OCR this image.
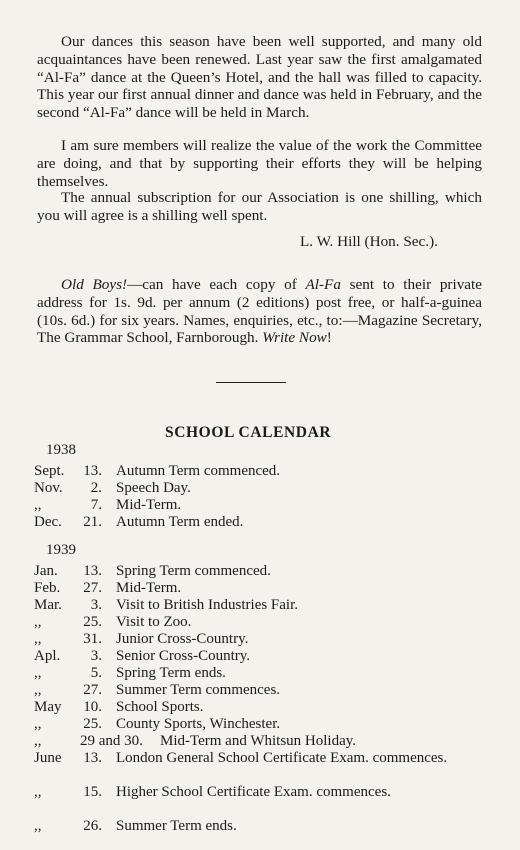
Our dances this season have been well supported, and many old acquaintances have been renewed. Last year saw the first amalgamated “Al-Fa” dance at the Queen’s Hotel, and the hall was filled to capacity. This year our first annual dinner and dance was held in February, and the second “Al-Fa” dance will be held in March.

I am sure members will realize the value of the work the Committee are doing, and that by supporting their efforts they will be helping themselves.

The annual subscription for our Association is one shilling, which you will agree is a shilling well spent.

L. W. Hill (Hon. Sec.).

Old Boys!—can have each copy of Al-Fa sent to their private address for 1s. 9d. per annum (2 editions) post free, or half-a-guinea (10s. 6d.) for six years. Names, enquiries, etc., to:—Magazine Secretary, The Grammar School, Farnborough. Write Now!

SCHOOL CALENDAR
1938
Sept.	13. Autumn Term commenced.
Nov.	2. Speech Day.
,,	7. Mid-Term.
Dec.	21. Autumn Term ended.
1939
Jan.	13. Spring Term commenced.
Feb.	27. Mid-Term.
Mar.	3. Visit to British Industries Fair.
,,	25. Visit to Zoo.
,,	31. Junior Cross-Country.
Apl.	3. Senior Cross-Country.
,,	5. Spring Term ends.
,,	27. Summer Term commences.
May	10. School Sports.
,,	25. County Sports, Winchester.
,,	29 and 30. Mid-Term and Whitsun Holiday.
June	13. London General School Certificate Exam. commences.
,,	15. Higher School Certificate Exam. commences.
,,	26. Summer Term ends.
